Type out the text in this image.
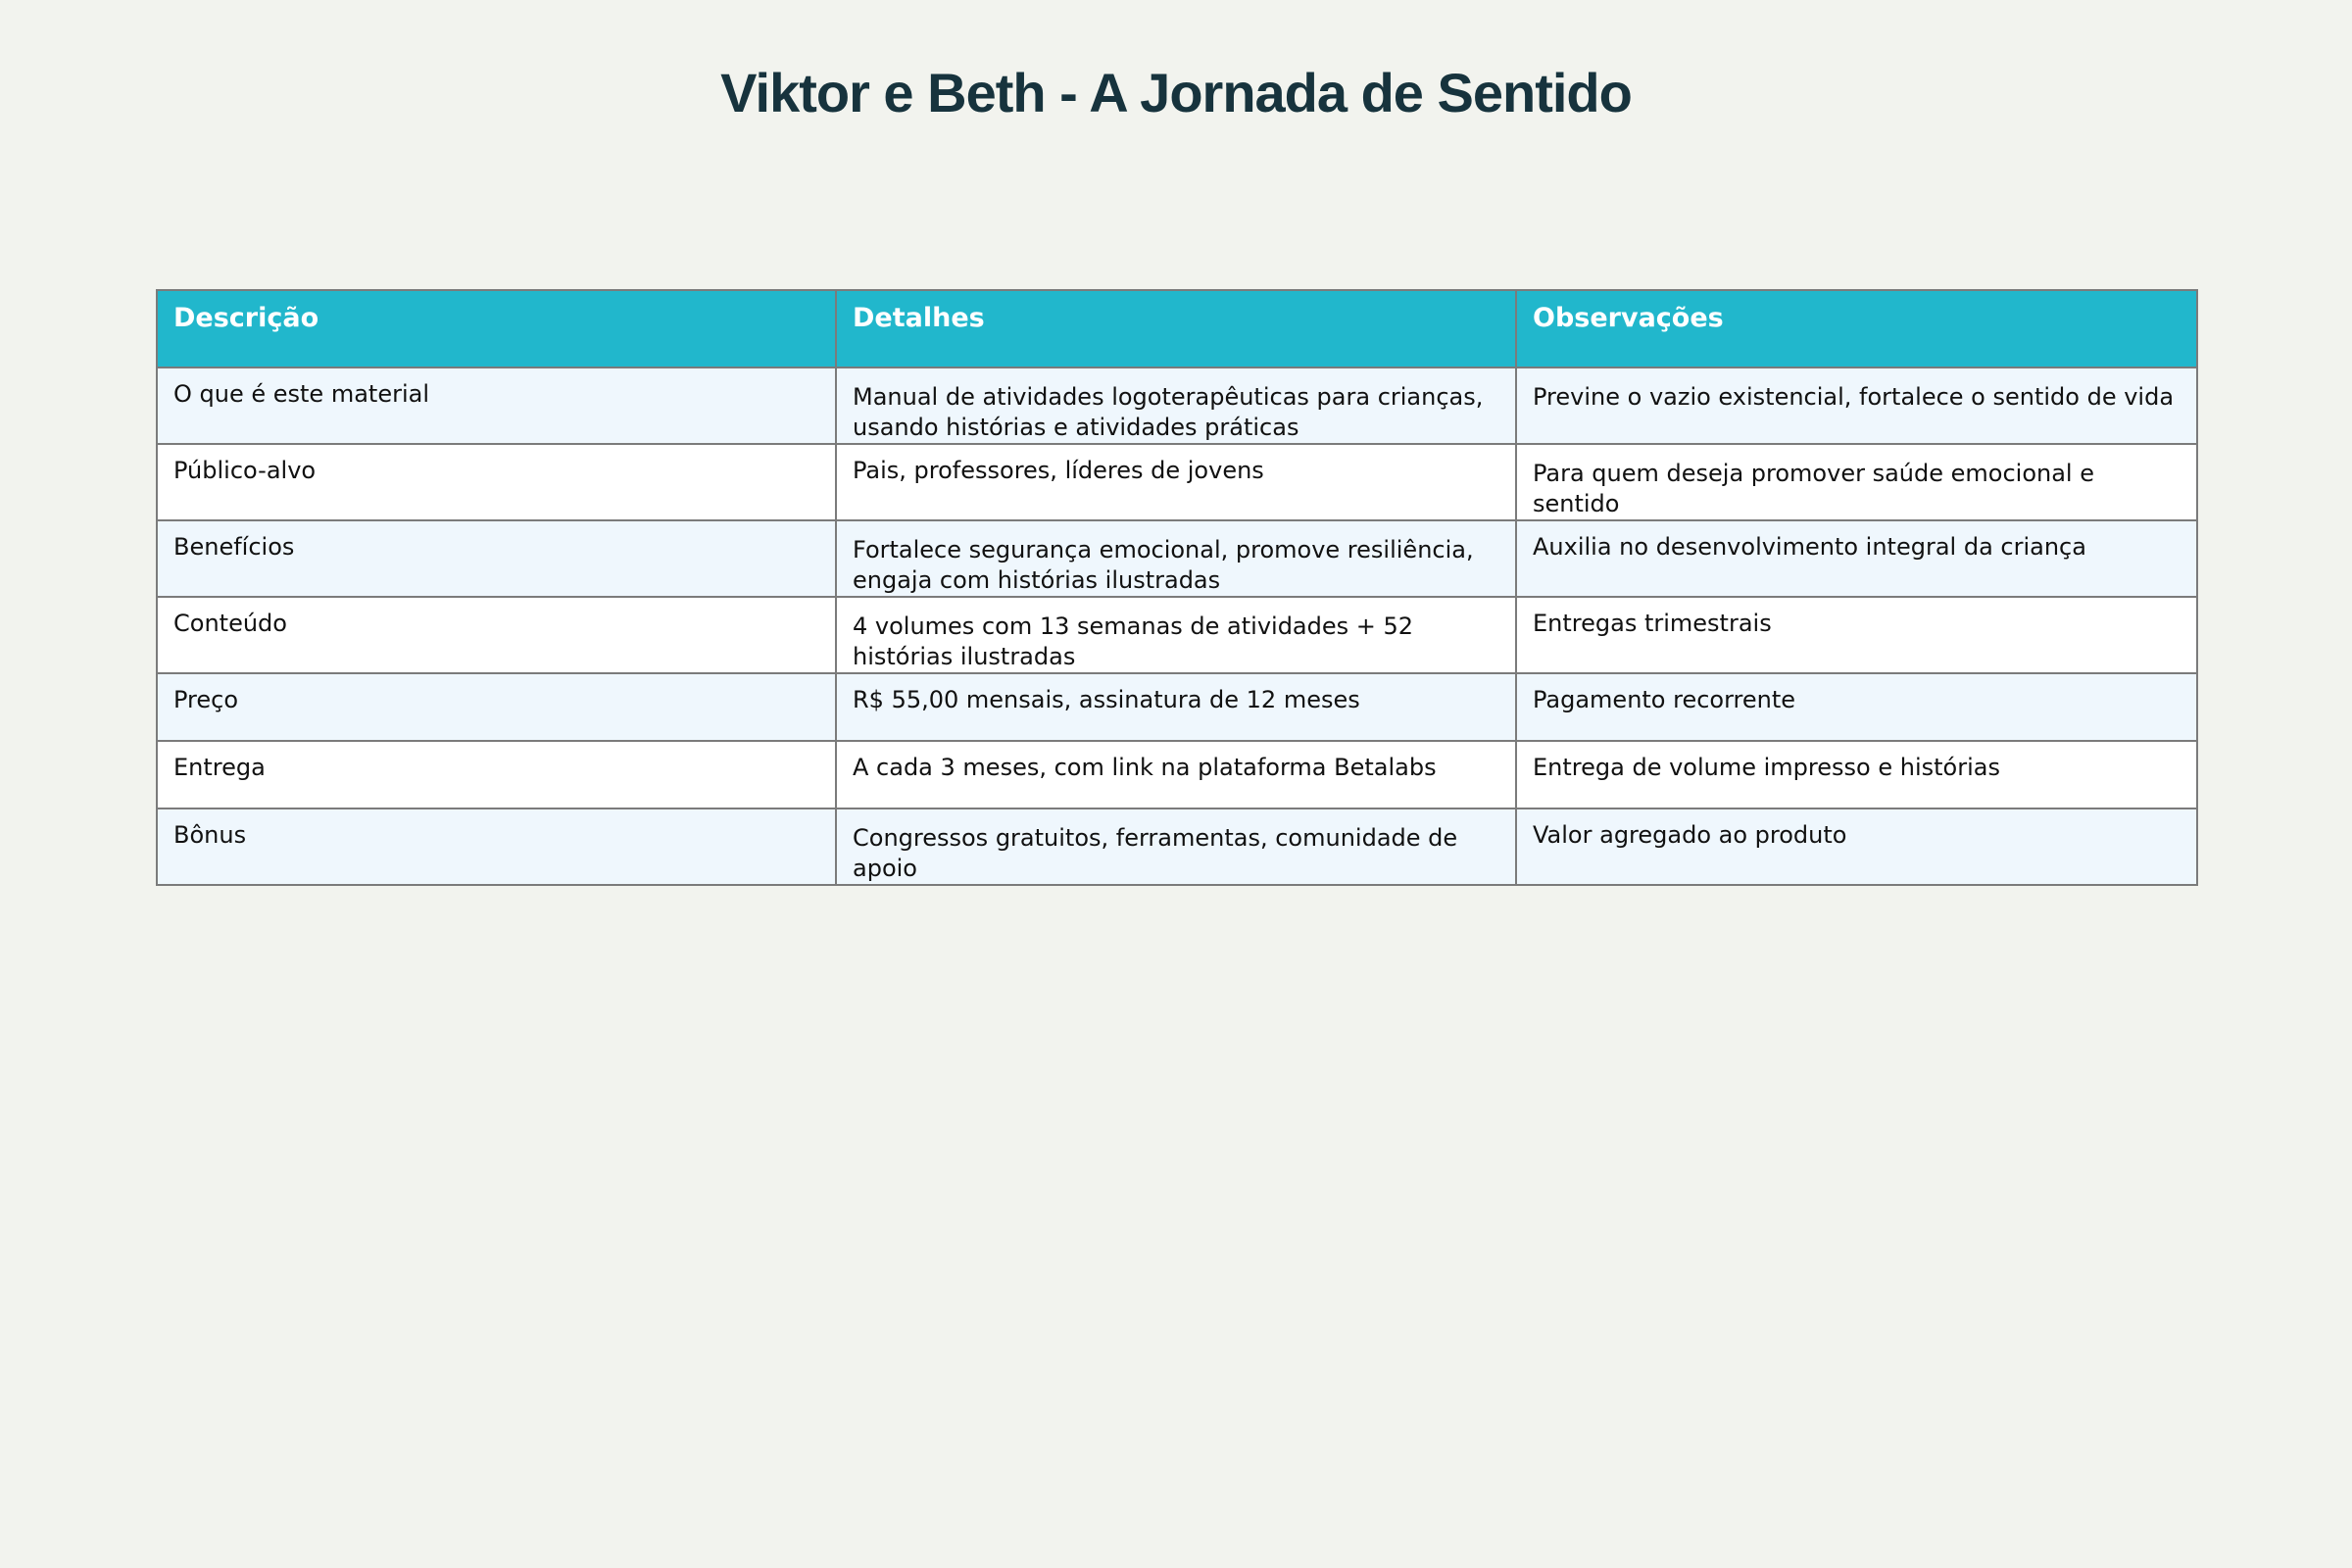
Viktor e Beth - A Jornada de Sentido
Descrição	Detalhes	Observações
O que é este material	Manual de atividades logoterapêuticas para crianças, usando histórias e atividades práticas	Previne o vazio existencial, fortalece o sentido de vida
Público-alvo	Pais, professores, líderes de jovens	Para quem deseja promover saúde emocional e sentido
Benefícios	Fortalece segurança emocional, promove resiliência, engaja com histórias ilustradas	Auxilia no desenvolvimento integral da criança
Conteúdo	4 volumes com 13 semanas de atividades + 52 histórias ilustradas	Entregas trimestrais
Preço	R$ 55,00 mensais, assinatura de 12 meses	Pagamento recorrente
Entrega	A cada 3 meses, com link na plataforma Betalabs	Entrega de volume impresso e histórias
Bônus	Congressos gratuitos, ferramentas, comunidade de apoio	Valor agregado ao produto
